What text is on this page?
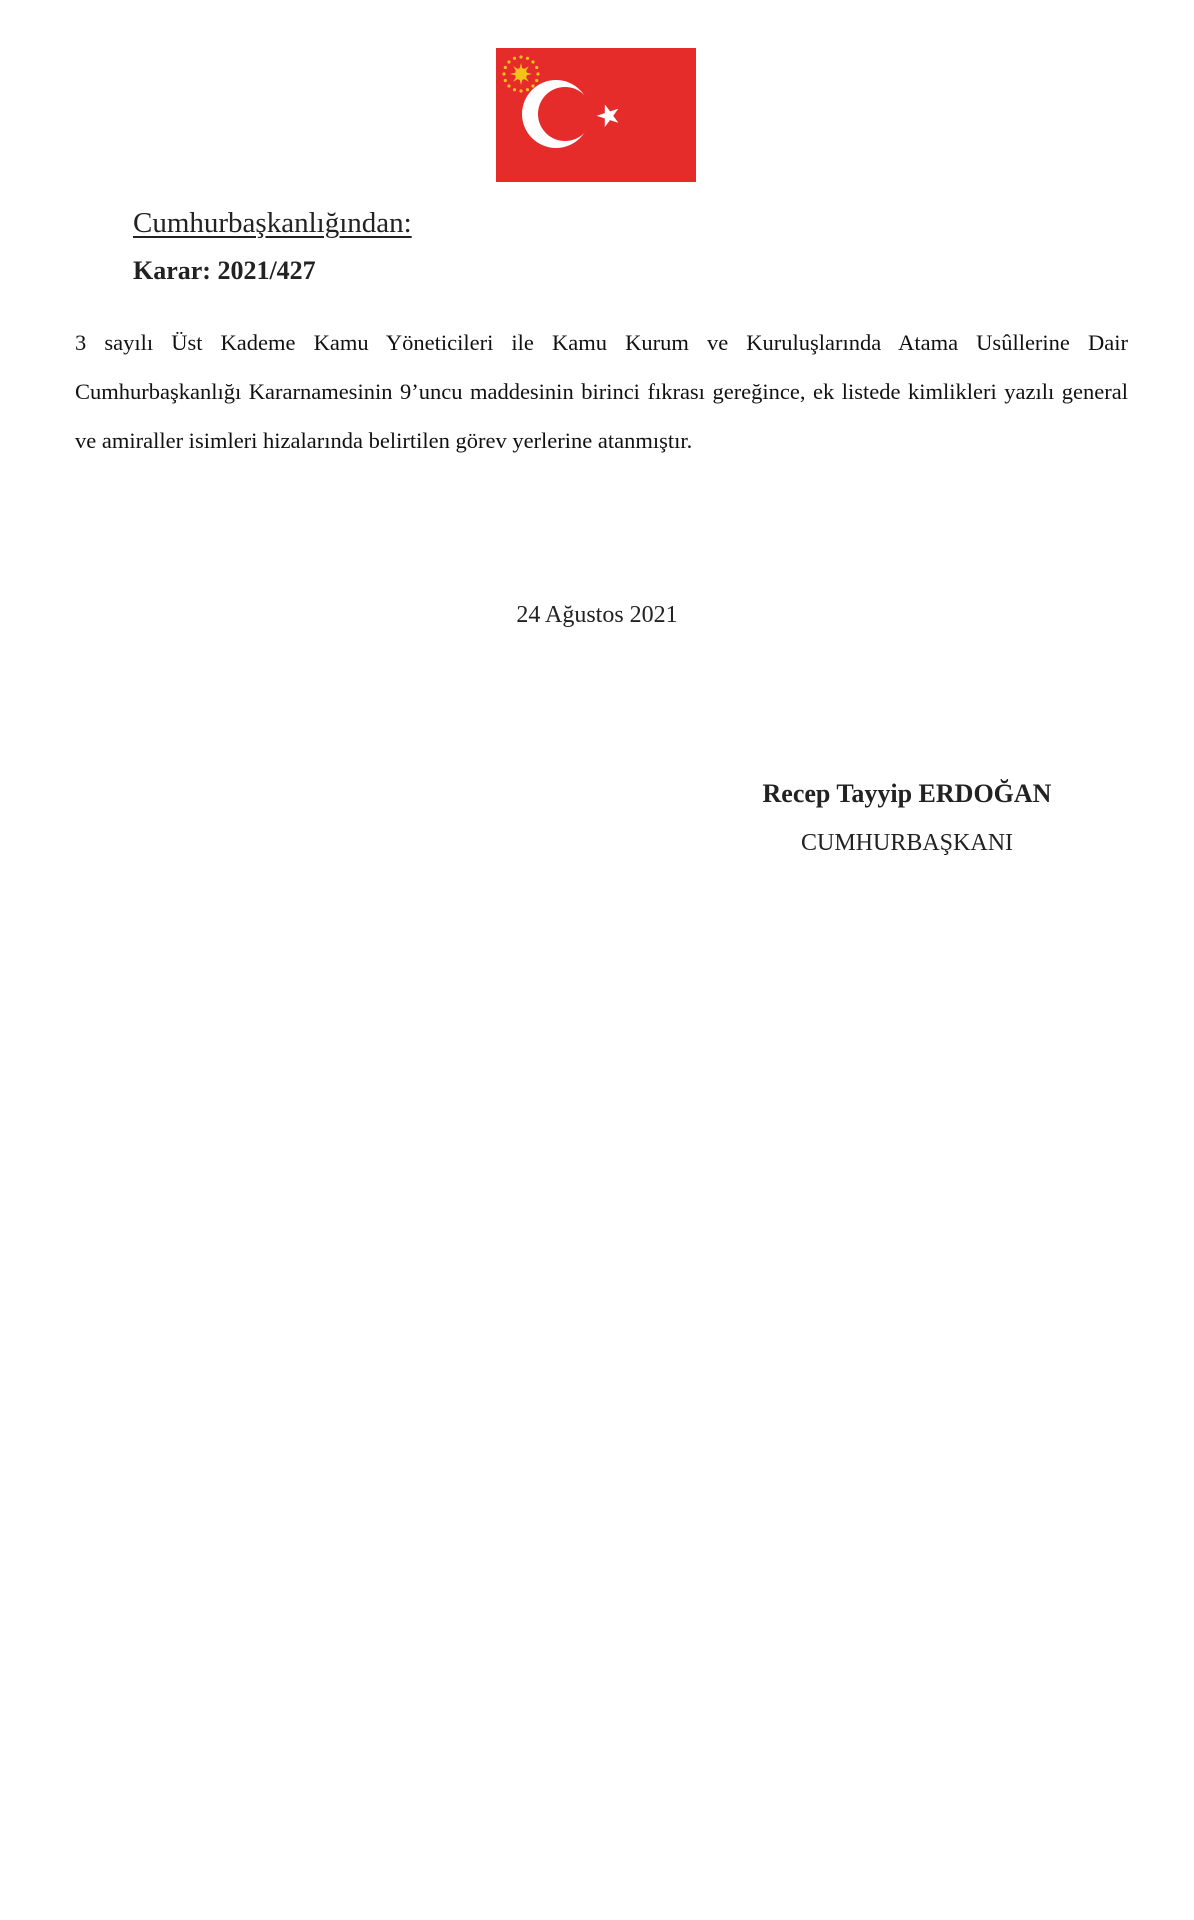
Cumhurbaşkanlığından:
Karar: 2021/427

3 sayılı Üst Kademe Kamu Yöneticileri ile Kamu Kurum ve Kuruluşlarında Atama Usûllerine Dair Cumhurbaşkanlığı Kararnamesinin 9’uncu maddesinin birinci fıkrası gereğince, ek listede kimlikleri yazılı general ve amiraller isimleri hizalarında belirtilen görev yerlerine atanmıştır.

24 Ağustos 2021
Recep Tayyip ERDOĞAN
CUMHURBAŞKANI
